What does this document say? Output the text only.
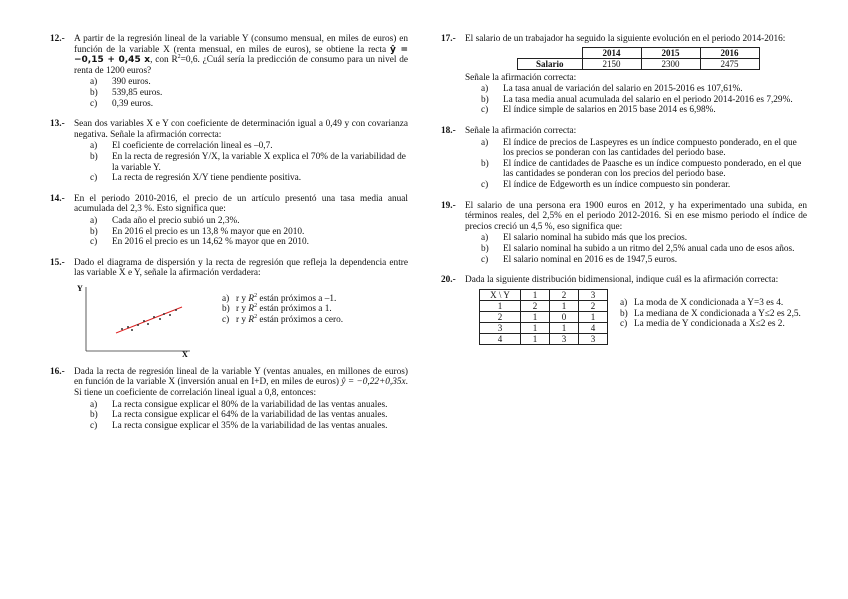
12.- A partir de la regresión lineal de la variable Y (consumo mensual, en miles de euros) en función de la variable X (renta mensual, en miles de euros), se obtiene la recta ŷ = −0,15 + 0,45 x, con $R^2=0,6$. ¿Cuál sería la predicción de consumo para un nivel de renta de 1200 euros?
a) 390 euros.
b) 539,85 euros.
c) 0,39 euros.
13.- Sean dos variables X e Y con coeficiente de determinación igual a 0,49 y con covarianza negativa. Señale la afirmación correcta:
a) El coeficiente de correlación lineal es –0,7.
b) En la recta de regresión Y/X, la variable X explica el 70% de la variabilidad de la variable Y.
c) La recta de regresión X/Y tiene pendiente positiva.
14.- En el periodo 2010-2016, el precio de un artículo presentó una tasa media anual acumulada del 2,3 %. Esto significa que:
a) Cada año el precio subió un 2,3%.
b) En 2016 el precio es un 13,8 % mayor que en 2010.
c) En 2016 el precio es un 14,62 % mayor que en 2010.
15.- Dado el diagrama de dispersión y la recta de regresión que refleja la dependencia entre las variable X e Y, señale la afirmación verdadera:
Y
X
a) r y $R^2$ están próximos a –1.
b) r y $R^2$ están próximos a 1.
c) r y $R^2$ están próximos a cero.
16.- Dada la recta de regresión lineal de la variable Y (ventas anuales, en millones de euros) en función de la variable X (inversión anual en I+D, en miles de euros) ŷ = −0,22+0,35x. Si tiene un coeficiente de correlación lineal igual a 0,8, entonces:
a) La recta consigue explicar el 80% de la variabilidad de las ventas anuales.
b) La recta consigue explicar el 64% de la variabilidad de las ventas anuales.
c) La recta consigue explicar el 35% de la variabilidad de las ventas anuales.
17.- El salario de un trabajador ha seguido la siguiente evolución en el periodo 2014-2016:
	2014	2015	2016
Salario	2150	2300	2475
Señale la afirmación correcta:
a) La tasa anual de variación del salario en 2015-2016 es 107,61%.
b) La tasa media anual acumulada del salario en el periodo 2014-2016 es 7,29%.
c) El índice simple de salarios en 2015 base 2014 es 6,98%.
18.- Señale la afirmación correcta:
a) El índice de precios de Laspeyres es un índice compuesto ponderado, en el que los precios se ponderan con las cantidades del periodo base.
b) El índice de cantidades de Paasche es un índice compuesto ponderado, en el que las cantidades se ponderan con los precios del periodo base.
c) El índice de Edgeworth es un índice compuesto sin ponderar.
19.- El salario de una persona era 1900 euros en 2012, y ha experimentado una subida, en términos reales, del 2,5% en el periodo 2012-2016. Si en ese mismo periodo el índice de precios creció un 4,5 %, eso significa que:
a) El salario nominal ha subido más que los precios.
b) El salario nominal ha subido a un ritmo del 2,5% anual cada uno de esos años.
c) El salario nominal en 2016 es de 1947,5 euros.
20.- Dada la siguiente distribución bidimensional, indique cuál es la afirmación correcta:
X \ Y	1	2	3
1	2	1	2
2	1	0	1
3	1	1	4
4	1	3	3
a) La moda de X condicionada a Y=3 es 4.
b) La mediana de X condicionada a Y≤2 es 2,5.
c) La media de Y condicionada a X≤2 es 2.
